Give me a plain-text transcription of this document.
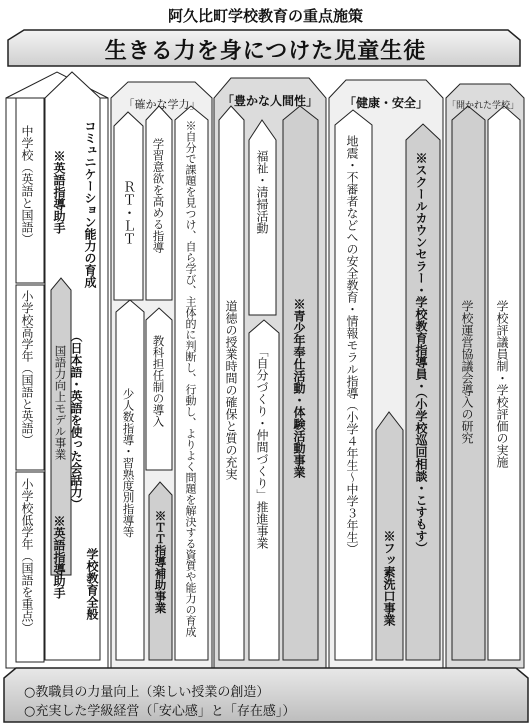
阿久比町学校教育の重点施策
生きる力を身につけた児童生徒
「確かな学力」	「豊かな人間性」	「健康・安全」	「開かれた学校」
中学校（英語と国語）
小学校高学年（国語と英語）
小学校低学年（国語を重点）
※英語指導助手
国語力向上モデル事業
※英語指導助手
コミュニケーション能力の育成
（日本語・英語を使った会話力）
学校教育全般
ＲＴ・ＬＴ 学習意欲を高める指導
教科担任制の導入
少人数指導・習熟度別指導等	※自分で課題を見つけ、自ら学び、主体的に判断し、行動し、よりよく問題を解決する資質や能力の育成
※ＴＴ指導補助事業
道徳の授業時間の確保と質の充実
福祉・清掃活動
「自分づくり・仲間づくり」推進事業 ※青少年奉仕活動・体験活動事業	地震・不審者などへの安全教育・情報モラル指導（小学４年生〜中学３年生）
※フッ素洗口事業
※スクールカウンセラー・学校教育指導員・（小学校巡回相談・こすもす）	学校運営協議会導入の研究 学校評議員制・学校評価の実施
○教職員の力量向上（楽しい授業の創造）
○充実した学級経営（「安心感」と「存在感」）
